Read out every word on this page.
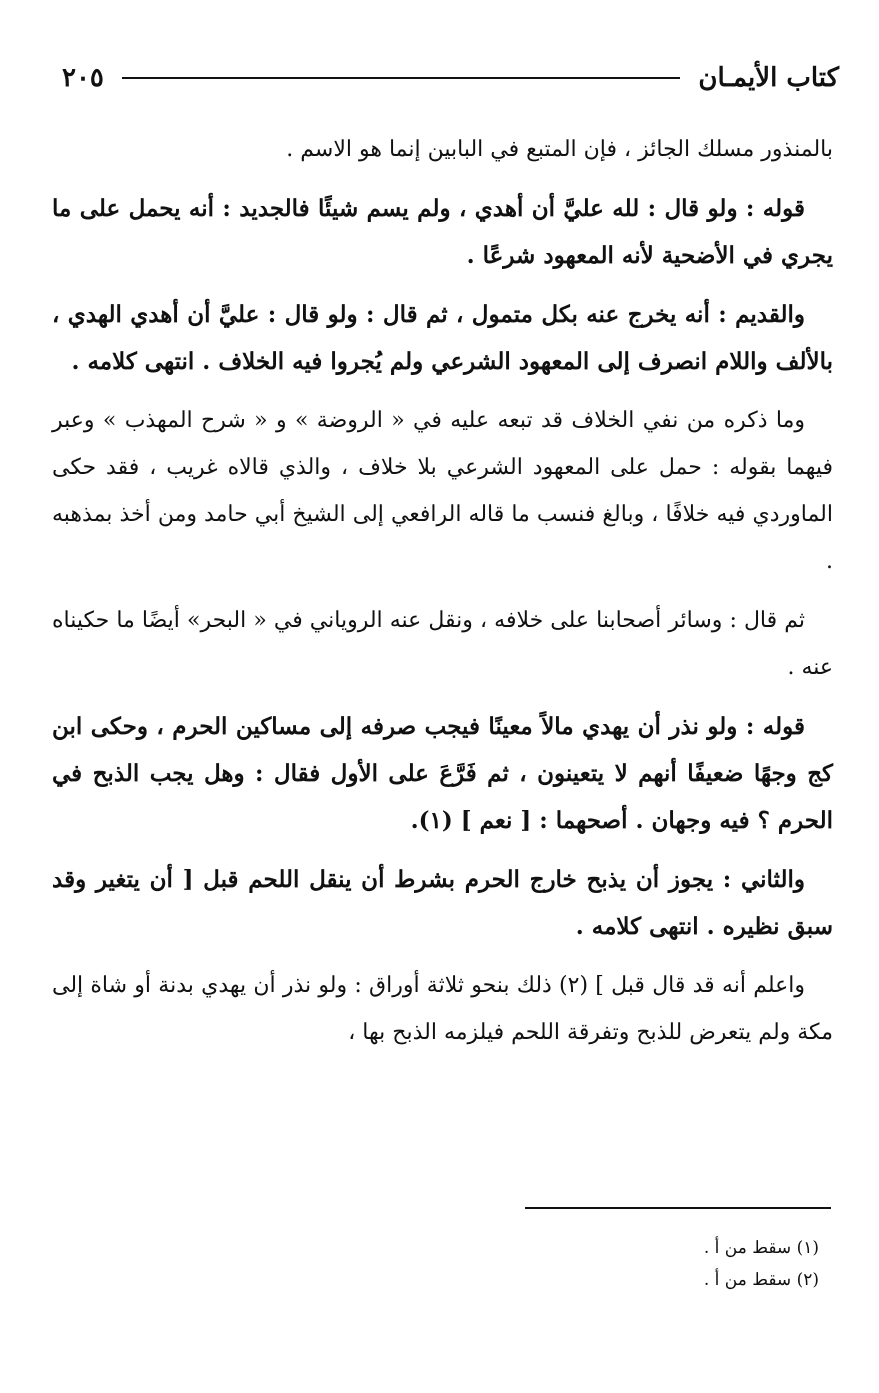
كتاب الأيمـان
٢٠٥

بالمنذور مسلك الجائز ، فإن المتبع في البابين إنما هو الاسم .

قوله : ولو قال : لله عليَّ أن أهدي ، ولم يسم شيئًا فالجديد : أنه يحمل على ما يجري في الأضحية لأنه المعهود شرعًا .

والقديم : أنه يخرج عنه بكل متمول ، ثم قال : ولو قال : عليَّ أن أهدي الهدي ، بالألف واللام انصرف إلى المعهود الشرعي ولم يُجروا فيه الخلاف . انتهى كلامه .

وما ذكره من نفي الخلاف قد تبعه عليه في « الروضة » و « شرح المهذب » وعبر فيهما بقوله : حمل على المعهود الشرعي بلا خلاف ، والذي قالاه غريب ، فقد حكى الماوردي فيه خلافًا ، وبالغ فنسب ما قاله الرافعي إلى الشيخ أبي حامد ومن أخذ بمذهبه .

ثم قال : وسائر أصحابنا على خلافه ، ونقل عنه الروياني في « البحر» أيضًا ما حكيناه عنه .

قوله : ولو نذر أن يهدي مالاً معينًا فيجب صرفه إلى مساكين الحرم ، وحكى ابن كج وجهًا ضعيفًا أنهم لا يتعينون ، ثم فَرَّعَ على الأول فقال : وهل يجب الذبح في الحرم ؟ فيه وجهان . أصحهما : [ نعم ] (١).

والثاني : يجوز أن يذبح خارج الحرم بشرط أن ينقل اللحم قبل [ أن يتغير وقد سبق نظيره . انتهى كلامه .

واعلم أنه قد قال قبل ] (٢) ذلك بنحو ثلاثة أوراق : ولو نذر أن يهدي بدنة أو شاة إلى مكة ولم يتعرض للذبح وتفرقة اللحم فيلزمه الذبح بها ،

(١) سقط من أ .
(٢) سقط من أ .
